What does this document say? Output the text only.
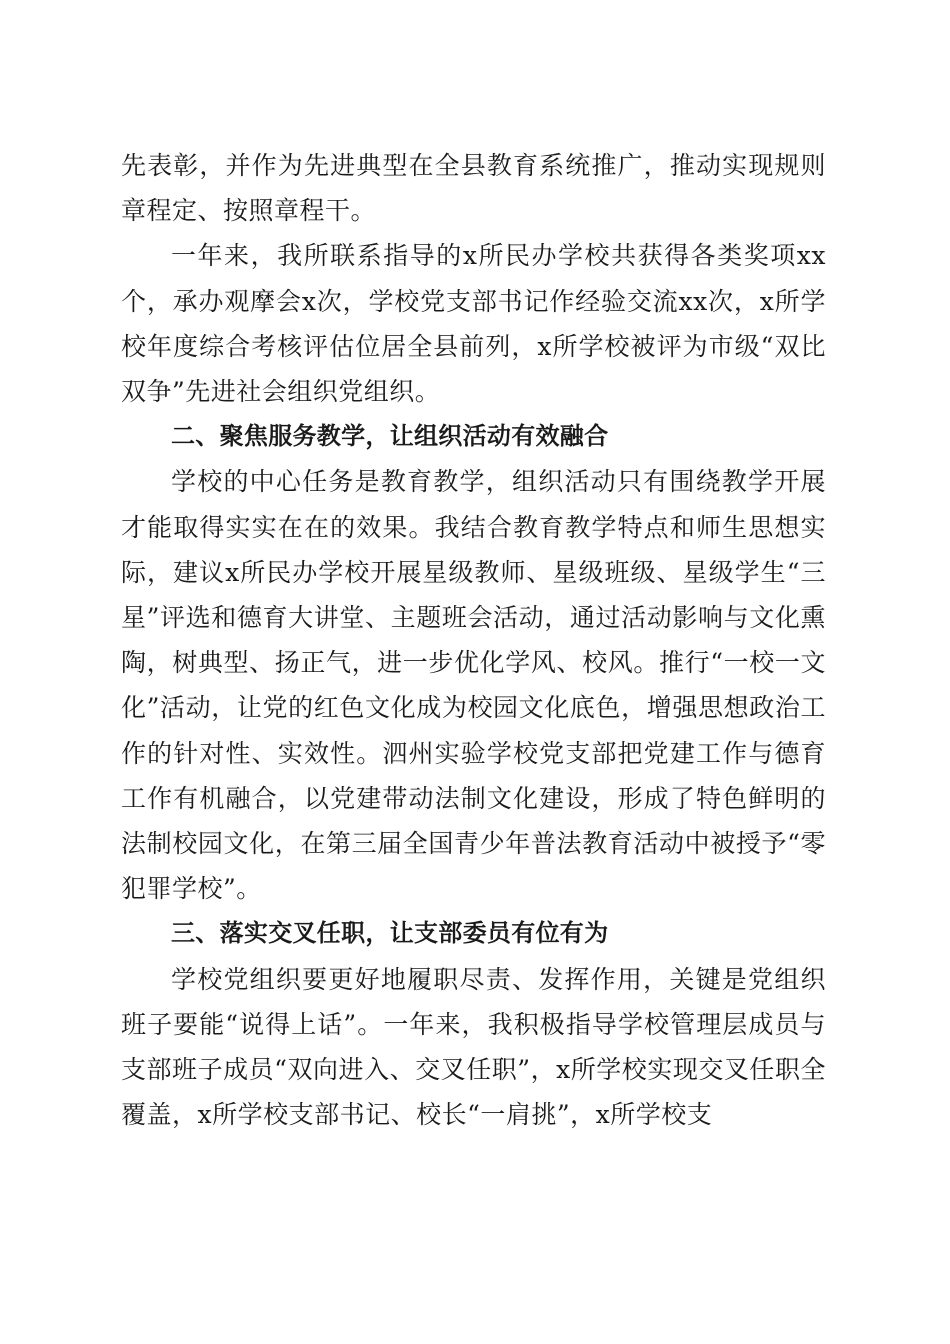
先表彰，并作为先进典型在全县教育系统推广，推动实现规则章程定、按照章程干。

一年来，我所联系指导的x所民办学校共获得各类奖项xx个，承办观摩会x次，学校党支部书记作经验交流xx次，x所学校年度综合考核评估位居全县前列，x所学校被评为市级“双比双争”先进社会组织党组织。

二、聚焦服务教学，让组织活动有效融合

学校的中心任务是教育教学，组织活动只有围绕教学开展才能取得实实在在的效果。我结合教育教学特点和师生思想实际，建议x所民办学校开展星级教师、星级班级、星级学生“三星”评选和德育大讲堂、主题班会活动，通过活动影响与文化熏陶，树典型、扬正气，进一步优化学风、校风。推行“一校一文化”活动，让党的红色文化成为校园文化底色，增强思想政治工作的针对性、实效性。泗州实验学校党支部把党建工作与德育工作有机融合，以党建带动法制文化建设，形成了特色鲜明的法制校园文化，在第三届全国青少年普法教育活动中被授予“零犯罪学校”。

三、落实交叉任职，让支部委员有位有为

学校党组织要更好地履职尽责、发挥作用，关键是党组织班子要能“说得上话”。一年来，我积极指导学校管理层成员与支部班子成员“双向进入、交叉任职”，x所学校实现交叉任职全覆盖，x所学校支部书记、校长“一肩挑”，x所学校支
